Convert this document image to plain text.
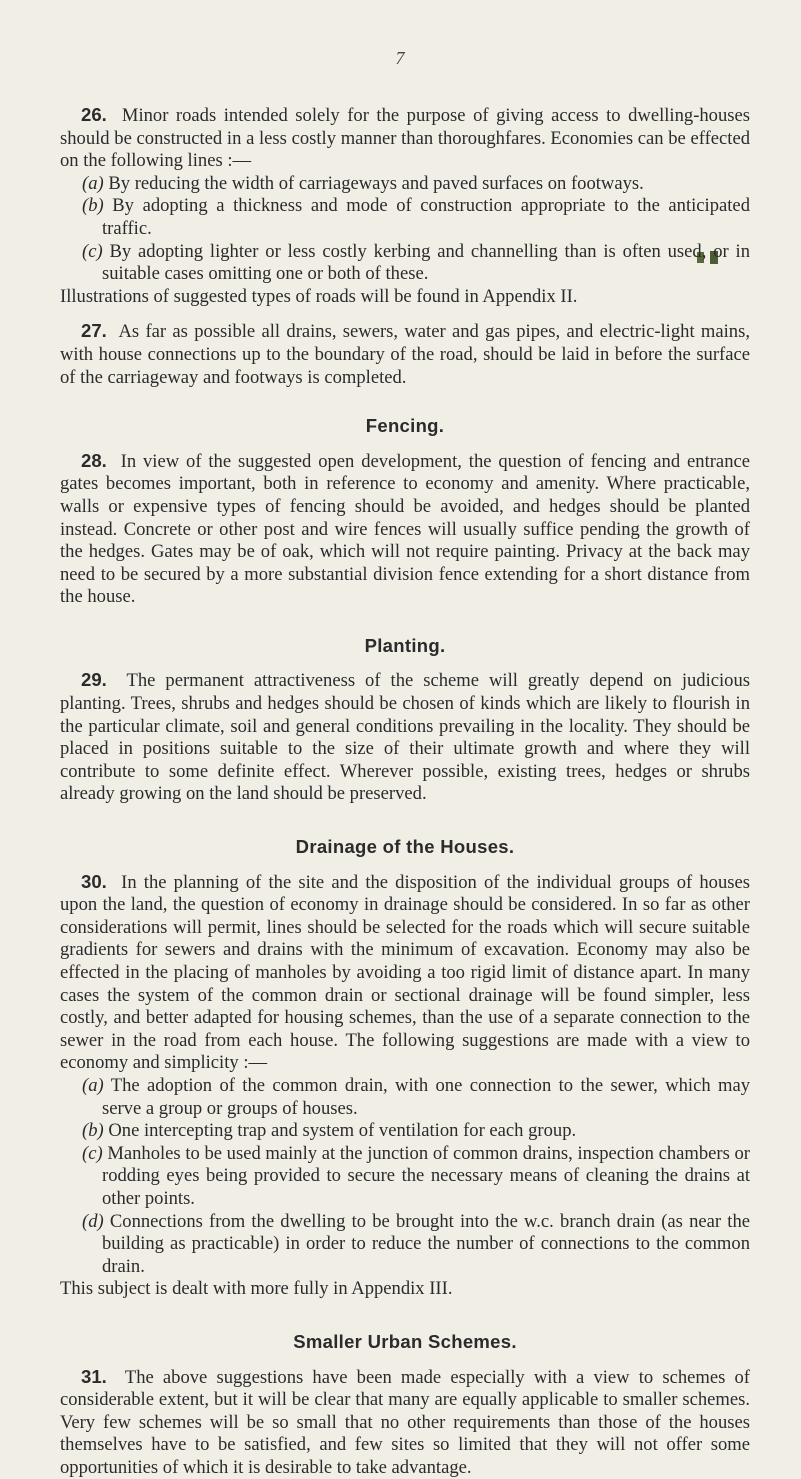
7

26. Minor roads intended solely for the purpose of giving access to dwelling-houses should be constructed in a less costly manner than thoroughfares. Economies can be effected on the following lines :—

(a) By reducing the width of carriageways and paved surfaces on footways.

(b) By adopting a thickness and mode of construction appropriate to the anticipated traffic.

(c) By adopting lighter or less costly kerbing and channelling than is often used, or in suitable cases omitting one or both of these.

Illustrations of suggested types of roads will be found in Appendix II.

27. As far as possible all drains, sewers, water and gas pipes, and electric-light mains, with house connections up to the boundary of the road, should be laid in before the surface of the carriageway and footways is completed.

Fencing.

28. In view of the suggested open development, the question of fencing and entrance gates becomes important, both in reference to economy and amenity. Where practicable, walls or expensive types of fencing should be avoided, and hedges should be planted instead. Concrete or other post and wire fences will usually suffice pending the growth of the hedges. Gates may be of oak, which will not require painting. Privacy at the back may need to be secured by a more substantial division fence extending for a short distance from the house.

Planting.

29. The permanent attractiveness of the scheme will greatly depend on judicious planting. Trees, shrubs and hedges should be chosen of kinds which are likely to flourish in the particular climate, soil and general conditions prevailing in the locality. They should be placed in positions suitable to the size of their ultimate growth and where they will contribute to some definite effect. Wherever possible, existing trees, hedges or shrubs already growing on the land should be preserved.

Drainage of the Houses.

30. In the planning of the site and the disposition of the individual groups of houses upon the land, the question of economy in drainage should be considered. In so far as other considerations will permit, lines should be selected for the roads which will secure suitable gradients for sewers and drains with the minimum of excavation. Economy may also be effected in the placing of manholes by avoiding a too rigid limit of distance apart. In many cases the system of the common drain or sectional drainage will be found simpler, less costly, and better adapted for housing schemes, than the use of a separate connection to the sewer in the road from each house. The following suggestions are made with a view to economy and simplicity :—

(a) The adoption of the common drain, with one connection to the sewer, which may serve a group or groups of houses.

(b) One intercepting trap and system of ventilation for each group.

(c) Manholes to be used mainly at the junction of common drains, inspection chambers or rodding eyes being provided to secure the necessary means of cleaning the drains at other points.

(d) Connections from the dwelling to be brought into the w.c. branch drain (as near the building as practicable) in order to reduce the number of connections to the common drain.

This subject is dealt with more fully in Appendix III.

Smaller Urban Schemes.

31. The above suggestions have been made especially with a view to schemes of considerable extent, but it will be clear that many are equally applicable to smaller schemes. Very few schemes will be so small that no other requirements than those of the houses themselves have to be satisfied, and few sites so limited that they will not offer some opportunities of which it is desirable to take advantage.
